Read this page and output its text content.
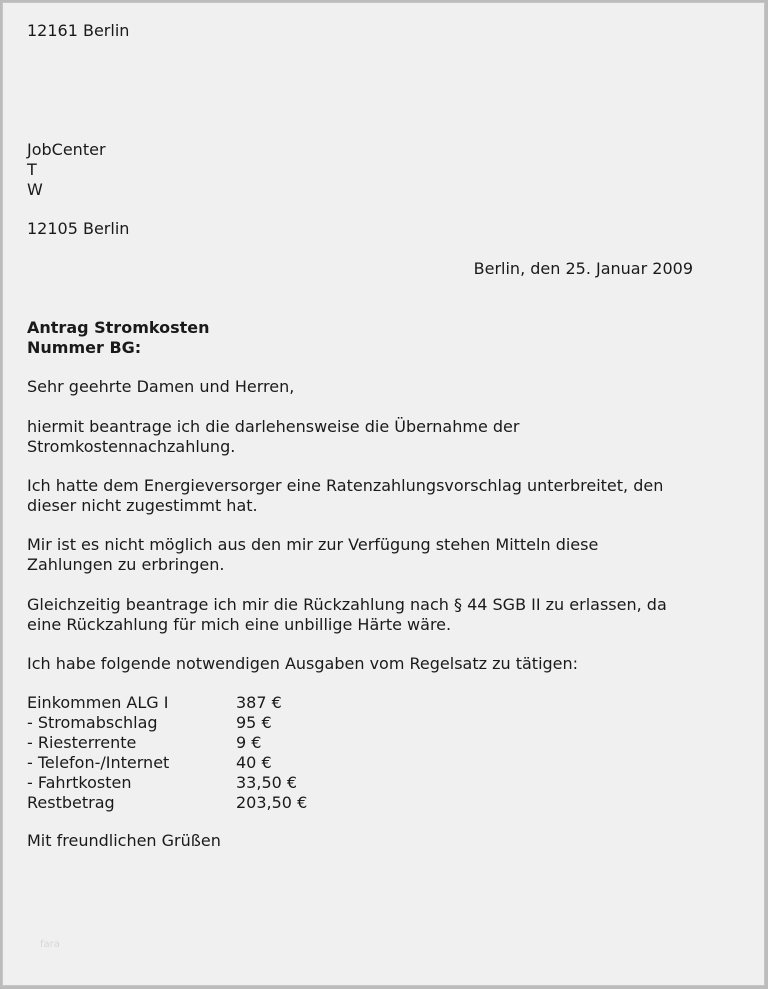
12161 Berlin
JobCenter
T
W
12105 Berlin
Berlin, den 25. Januar 2009
Antrag Stromkosten
Nummer BG:
Sehr geehrte Damen und Herren,
hiermit beantrage ich die darlehensweise die Übernahme der
Stromkostennachzahlung.
Ich hatte dem Energieversorger eine Ratenzahlungsvorschlag unterbreitet, den
dieser nicht zugestimmt hat.
Mir ist es nicht möglich aus den mir zur Verfügung stehen Mitteln diese
Zahlungen zu erbringen.
Gleichzeitig beantrage ich mir die Rückzahlung nach § 44 SGB II zu erlassen, da
eine Rückzahlung für mich eine unbillige Härte wäre.
Ich habe folgende notwendigen Ausgaben vom Regelsatz zu tätigen:
Einkommen ALG I	387 €
- Stromabschlag	95 €
- Riesterrente	9 €
- Telefon-/Internet	40 €
- Fahrtkosten	33,50 €
Restbetrag	203,50 €
Mit freundlichen Grüßen
fara
